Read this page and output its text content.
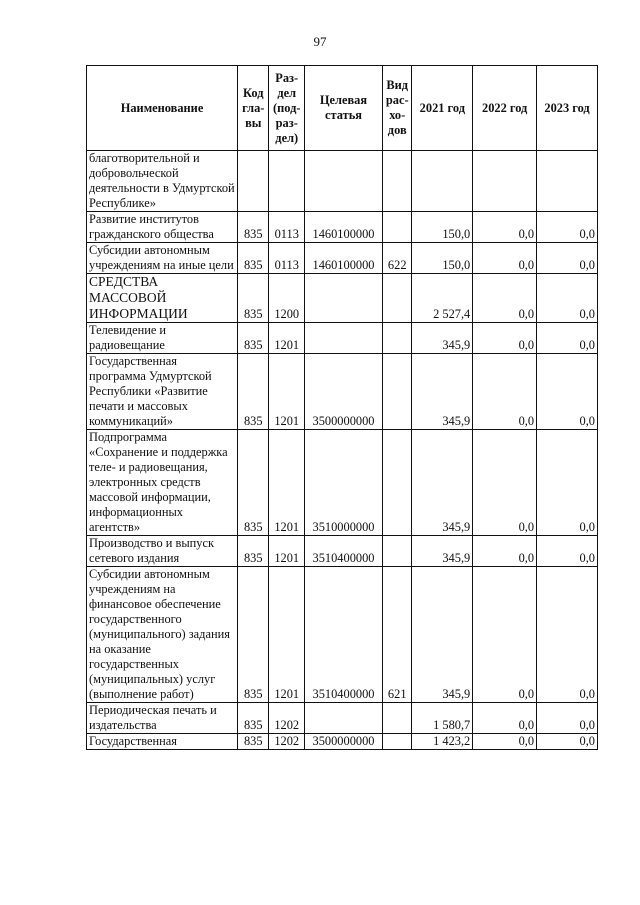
97
Наименование	Код гла-вы	Раз-дел (под-раз-дел)	Целевая статья	Вид рас-хо-дов	2021 год	2022 год	2023 год
благотворительной и добровольческой деятельности в Удмуртской Республике»							
Развитие институтов гражданского общества	835	0113	1460100000		150,0	0,0	0,0
Субсидии автономным учреждениям на иные цели	835	0113	1460100000	622	150,0	0,0	0,0
СРЕДСТВА МАССОВОЙ ИНФОРМАЦИИ	835	1200			2 527,4	0,0	0,0
Телевидение и радиовещание	835	1201			345,9	0,0	0,0
Государственная программа Удмуртской Республики «Развитие печати и массовых коммуникаций»	835	1201	3500000000		345,9	0,0	0,0
Подпрограмма «Сохранение и поддержка теле- и радиовещания, электронных средств массовой информации, информационных агентств»	835	1201	3510000000		345,9	0,0	0,0
Производство и выпуск сетевого издания	835	1201	3510400000		345,9	0,0	0,0
Субсидии автономным учреждениям на финансовое обеспечение государственного (муниципального) задания на оказание государственных (муниципальных) услуг (выполнение работ)	835	1201	3510400000	621	345,9	0,0	0,0
Периодическая печать и издательства	835	1202			1 580,7	0,0	0,0
Государственная	835	1202	3500000000		1 423,2	0,0	0,0
